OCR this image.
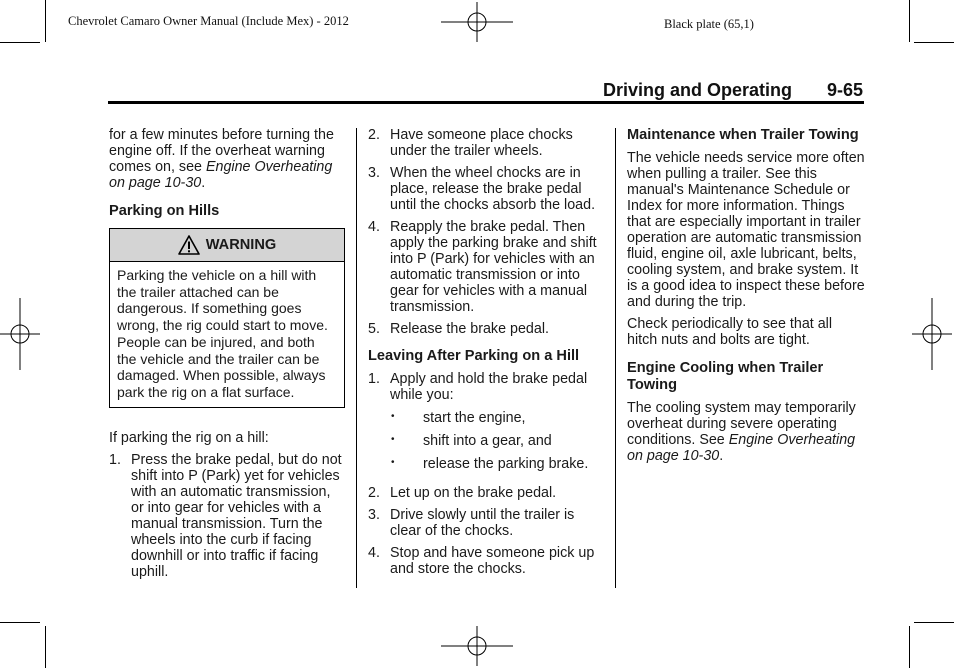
Chevrolet Camaro Owner Manual (Include Mex) - 2012	Black plate (65,1)
Driving and Operating 9-65

for a few minutes before turning the engine off. If the overheat warning comes on, see Engine Overheating on page 10-30.

Parking on Hills
WARNING
Parking the vehicle on a hill with the trailer attached can be dangerous. If something goes wrong, the rig could start to move. People can be injured, and both the vehicle and the trailer can be damaged. When possible, always park the rig on a flat surface.

If parking the rig on a hill:

1. Press the brake pedal, but do not shift into P (Park) yet for vehicles with an automatic transmission, or into gear for vehicles with a manual transmission. Turn the wheels into the curb if facing downhill or into traffic if facing uphill.
2. Have someone place chocks under the trailer wheels.
3. When the wheel chocks are in place, release the brake pedal until the chocks absorb the load.
4. Reapply the brake pedal. Then apply the parking brake and shift into P (Park) for vehicles with an automatic transmission or into gear for vehicles with a manual transmission.
5. Release the brake pedal.
Leaving After Parking on a Hill
1. Apply and hold the brake pedal while you:
•	start the engine,
•	shift into a gear, and
•	release the parking brake.
2. Let up on the brake pedal.
3. Drive slowly until the trailer is clear of the chocks.
4. Stop and have someone pick up and store the chocks.
Maintenance when Trailer Towing

The vehicle needs service more often when pulling a trailer. See this manual's Maintenance Schedule or Index for more information. Things that are especially important in trailer operation are automatic transmission fluid, engine oil, axle lubricant, belts, cooling system, and brake system. It is a good idea to inspect these before and during the trip.

Check periodically to see that all hitch nuts and bolts are tight.

Engine Cooling when Trailer Towing

The cooling system may temporarily overheat during severe operating conditions. See Engine Overheating on page 10-30.
